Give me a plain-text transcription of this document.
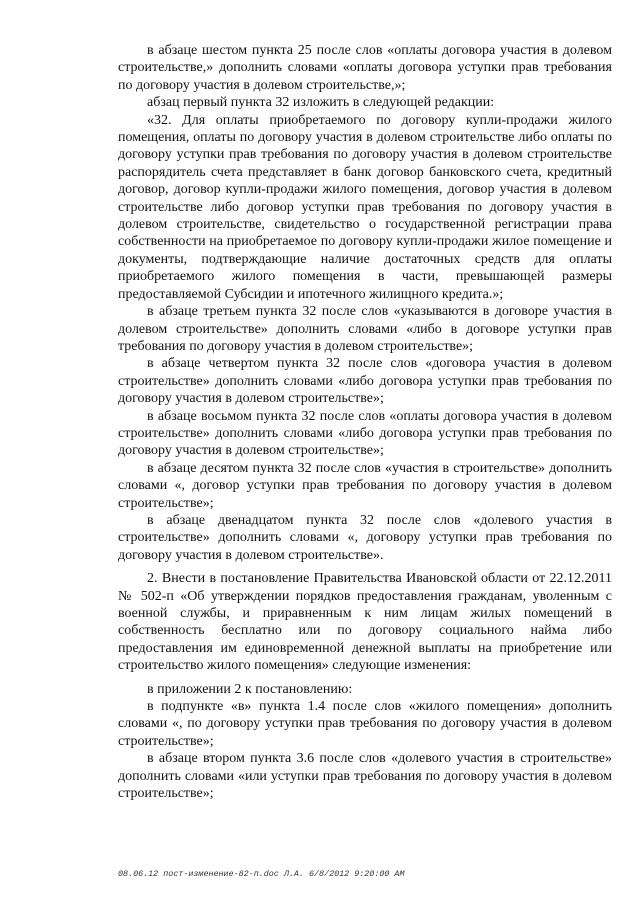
в абзаце шестом пункта 25 после слов «оплаты договора участия в долевом строительстве,» дополнить словами «оплаты договора уступки прав требования по договору участия в долевом строительстве,»;

абзац первый пункта 32 изложить в следующей редакции:

«32. Для оплаты приобретаемого по договору купли-продажи жилого помещения, оплаты по договору участия в долевом строительстве либо оплаты по договору уступки прав требования по договору участия в долевом строительстве распорядитель счета представляет в банк договор банковского счета, кредитный договор, договор купли-продажи жилого помещения, договор участия в долевом строительстве либо договор уступки прав требования по договору участия в долевом строительстве, свидетельство о государственной регистрации права собственности на приобретаемое по договору купли-продажи жилое помещение и документы, подтверждающие наличие достаточных средств для оплаты приобретаемого жилого помещения в части, превышающей размеры предоставляемой Субсидии и ипотечного жилищного кредита.»;

в абзаце третьем пункта 32 после слов «указываются в договоре участия в долевом строительстве» дополнить словами «либо в договоре уступки прав требования по договору участия в долевом строительстве»;

в абзаце четвертом пункта 32 после слов «договора участия в долевом строительстве» дополнить словами «либо договора уступки прав требования по договору участия в долевом строительстве»;

в абзаце восьмом пункта 32 после слов «оплаты договора участия в долевом строительстве» дополнить словами «либо договора уступки прав требования по договору участия в долевом строительстве»;

в абзаце десятом пункта 32 после слов «участия в строительстве» дополнить словами «, договор уступки прав требования по договору участия в долевом строительстве»;

в абзаце двенадцатом пункта 32 после слов «долевого участия в строительстве» дополнить словами «, договору уступки прав требования по договору участия в долевом строительстве».

2. Внести в постановление Правительства Ивановской области от 22.12.2011 № 502-п «Об утверждении порядков предоставления гражданам, уволенным с военной службы, и приравненным к ним лицам жилых помещений в собственность бесплатно или по договору социального найма либо предоставления им единовременной денежной выплаты на приобретение или строительство жилого помещения» следующие изменения:

в приложении 2 к постановлению:

в подпункте «в» пункта 1.4 после слов «жилого помещения» дополнить словами «, по договору уступки прав требования по договору участия в долевом строительстве»;

в абзаце втором пункта 3.6 после слов «долевого участия в строительстве» дополнить словами «или уступки прав требования по договору участия в долевом строительстве»;

08.06.12 пост-изменение-82-п.doc Л.А. 6/8/2012 9:20:00 AM
